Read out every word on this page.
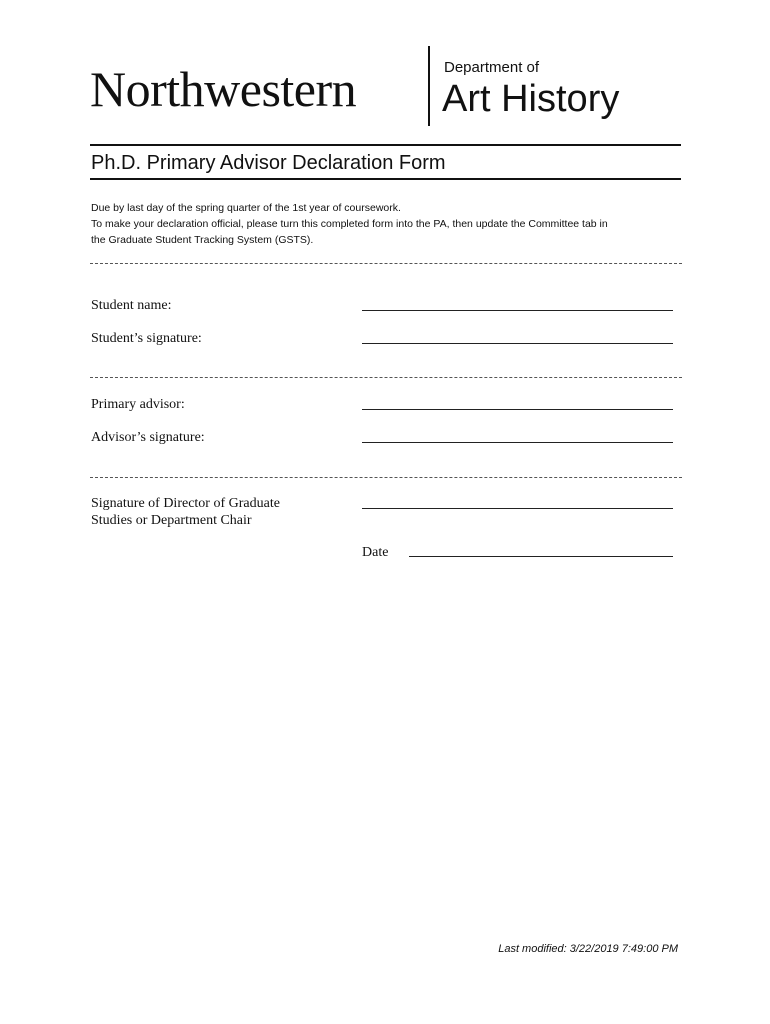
Northwestern	Department of
Art History
Ph.D. Primary Advisor Declaration Form
Due by last day of the spring quarter of the 1st year of coursework.
To make your declaration official, please turn this completed form into the PA, then update the Committee tab in
the Graduate Student Tracking System (GSTS).
Student name:
Student’s signature:
Primary advisor:
Advisor’s signature:
Signature of Director of Graduate
Studies or Department Chair
Date
Last modified: 3/22/2019 7:49:00 PM
